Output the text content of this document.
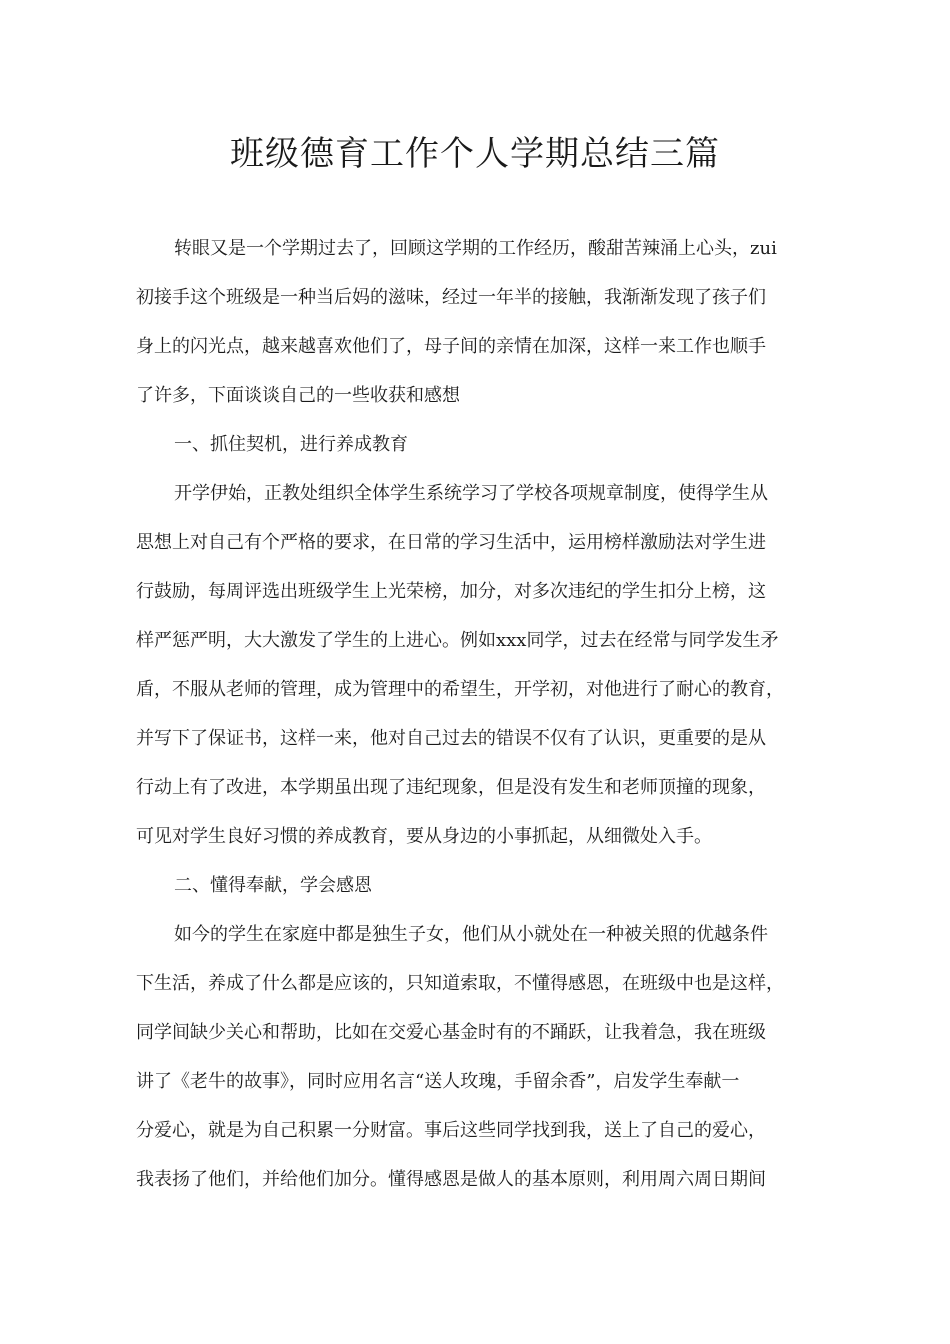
班级德育工作个人学期总结三篇
转眼又是一个学期过去了，回顾这学期的工作经历，酸甜苦辣涌上心头，zui
初接手这个班级是一种当后妈的滋味，经过一年半的接触，我渐渐发现了孩子们
身上的闪光点，越来越喜欢他们了，母子间的亲情在加深，这样一来工作也顺手
了许多，下面谈谈自己的一些收获和感想
一、抓住契机，进行养成教育
开学伊始，正教处组织全体学生系统学习了学校各项规章制度，使得学生从
思想上对自己有个严格的要求，在日常的学习生活中，运用榜样激励法对学生进
行鼓励，每周评选出班级学生上光荣榜，加分，对多次违纪的学生扣分上榜，这
样严惩严明，大大激发了学生的上进心。例如xxx同学，过去在经常与同学发生矛
盾，不服从老师的管理，成为管理中的希望生，开学初，对他进行了耐心的教育，
并写下了保证书，这样一来，他对自己过去的错误不仅有了认识，更重要的是从
行动上有了改进，本学期虽出现了违纪现象，但是没有发生和老师顶撞的现象，
可见对学生良好习惯的养成教育，要从身边的小事抓起，从细微处入手。
二、懂得奉献，学会感恩
如今的学生在家庭中都是独生子女，他们从小就处在一种被关照的优越条件
下生活，养成了什么都是应该的，只知道索取，不懂得感恩，在班级中也是这样，
同学间缺少关心和帮助，比如在交爱心基金时有的不踊跃，让我着急，我在班级
讲了《老牛的故事》，同时应用名言“送人玫瑰，手留余香”，启发学生奉献一
分爱心，就是为自己积累一分财富。事后这些同学找到我，送上了自己的爱心，
我表扬了他们，并给他们加分。懂得感恩是做人的基本原则，利用周六周日期间
